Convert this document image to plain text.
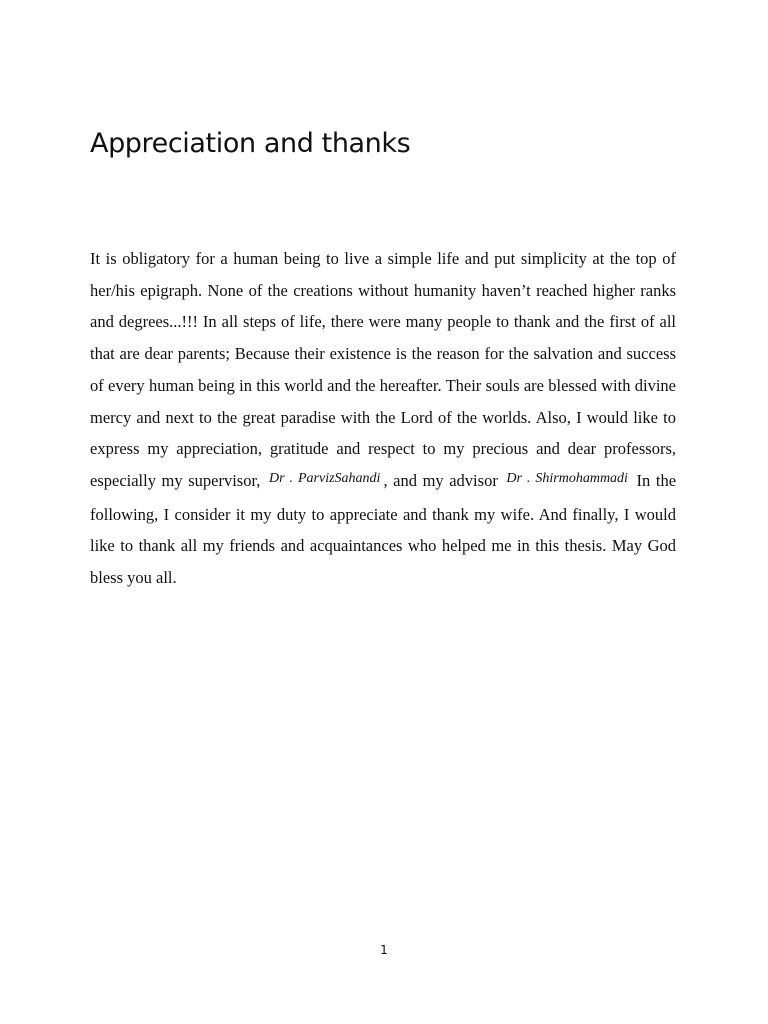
Appreciation and thanks

It is obligatory for a human being to live a simple life and put simplicity at the top of her/his epigraph. None of the creations without humanity haven’t reached higher ranks and degrees...!!! In all steps of life, there were many people to thank and the first of all that are dear parents; Because their existence is the reason for the salvation and success of every human being in this world and the hereafter. Their souls are blessed with divine mercy and next to the great paradise with the Lord of the worlds. Also, I would like to express my appreciation, gratitude and respect to my precious and dear professors, especially my supervisor, $^{Dr . ParvizSahandi}$ , and my advisor $^{Dr . Shirmohammadi}$ In the following, I consider it my duty to appreciate and thank my wife. And finally, I would like to thank all my friends and acquaintances who helped me in this thesis. May God bless you all.

1
